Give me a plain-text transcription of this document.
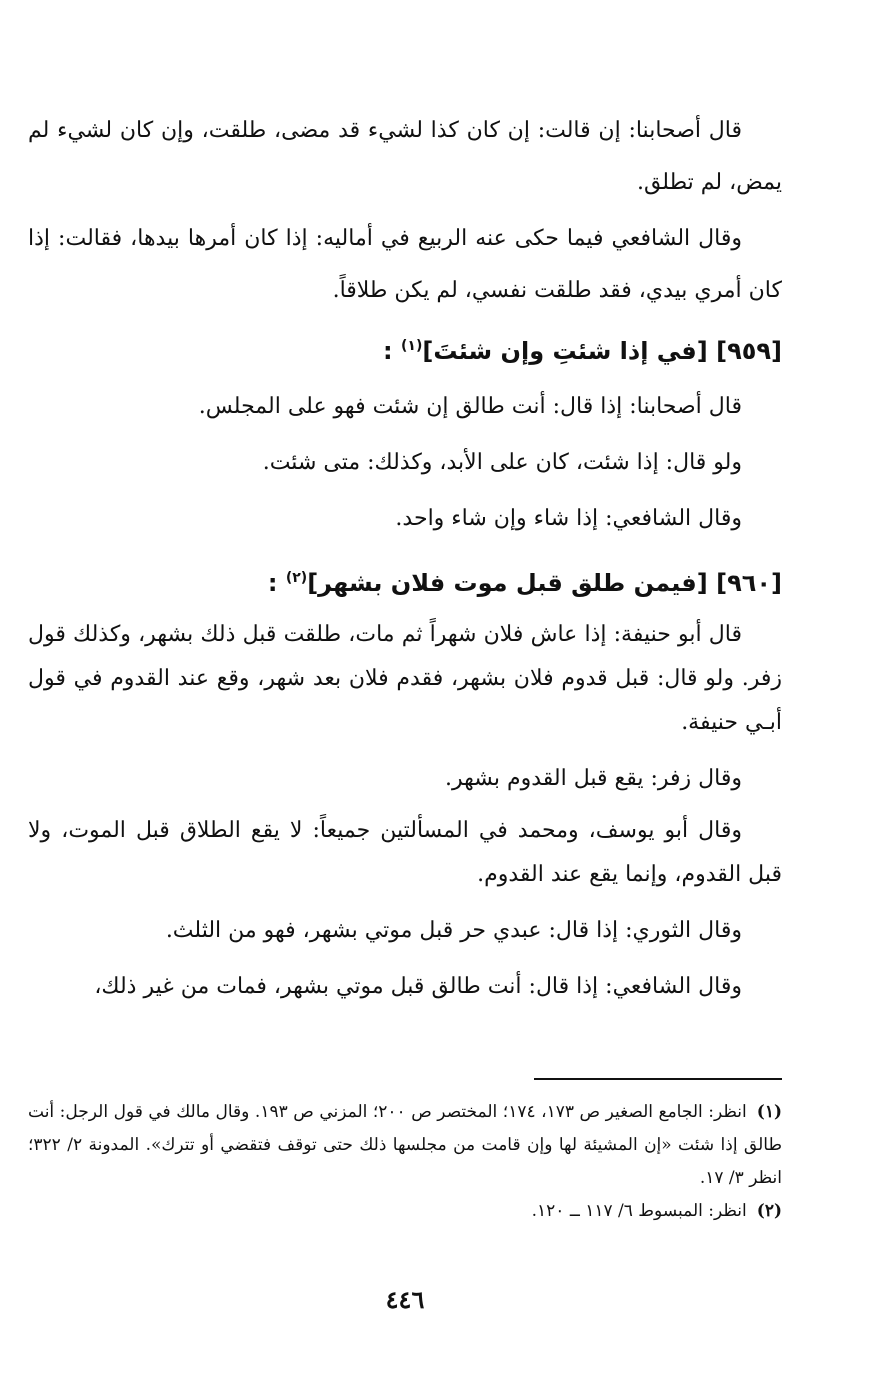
قال أصحابنا: إن قالت: إن كان كذا لشيء قد مضى، طلقت، وإن كان لشيء لم يمض، لم تطلق.

وقال الشافعي فيما حكى عنه الربيع في أماليه: إذا كان أمرها بيدها، فقالت: إذا كان أمري بيدي، فقد طلقت نفسي، لم يكن طلاقاً.

[٩٥٩] [في إذا شئتِ وإن شئتَ]$^{(١)}$ :

قال أصحابنا: إذا قال: أنت طالق إن شئت فهو على المجلس.

ولو قال: إذا شئت، كان على الأبد، وكذلك: متى شئت.

وقال الشافعي: إذا شاء وإن شاء واحد.

[٩٦٠] [فيمن طلق قبل موت فلان بشهر]$^{(٢)}$ :

قال أبو حنيفة: إذا عاش فلان شهراً ثم مات، طلقت قبل ذلك بشهر، وكذلك قول زفر. ولو قال: قبل قدوم فلان بشهر، فقدم فلان بعد شهر، وقع عند القدوم في قول أبـي حنيفة.

وقال زفر: يقع قبل القدوم بشهر.

وقال أبو يوسف، ومحمد في المسألتين جميعاً: لا يقع الطلاق قبل الموت، ولا قبل القدوم، وإنما يقع عند القدوم.

وقال الثوري: إذا قال: عبدي حر قبل موتي بشهر، فهو من الثلث.

وقال الشافعي: إذا قال: أنت طالق قبل موتي بشهر، فمات من غير ذلك،

(١)انظر: الجامع الصغير ص ١٧٣، ١٧٤؛ المختصر ص ٢٠٠؛ المزني ص ١٩٣. وقال مالك في قول الرجل: أنت طالق إذا شئت «إن المشيئة لها وإن قامت من مجلسها ذلك حتى توقف فتقضي أو تترك». المدونة ٢/ ٣٢٢؛ انظر ٣/ ١٧.

(٢)انظر: المبسوط ٦/ ١١٧ ــ ١٢٠.

٤٤٦
